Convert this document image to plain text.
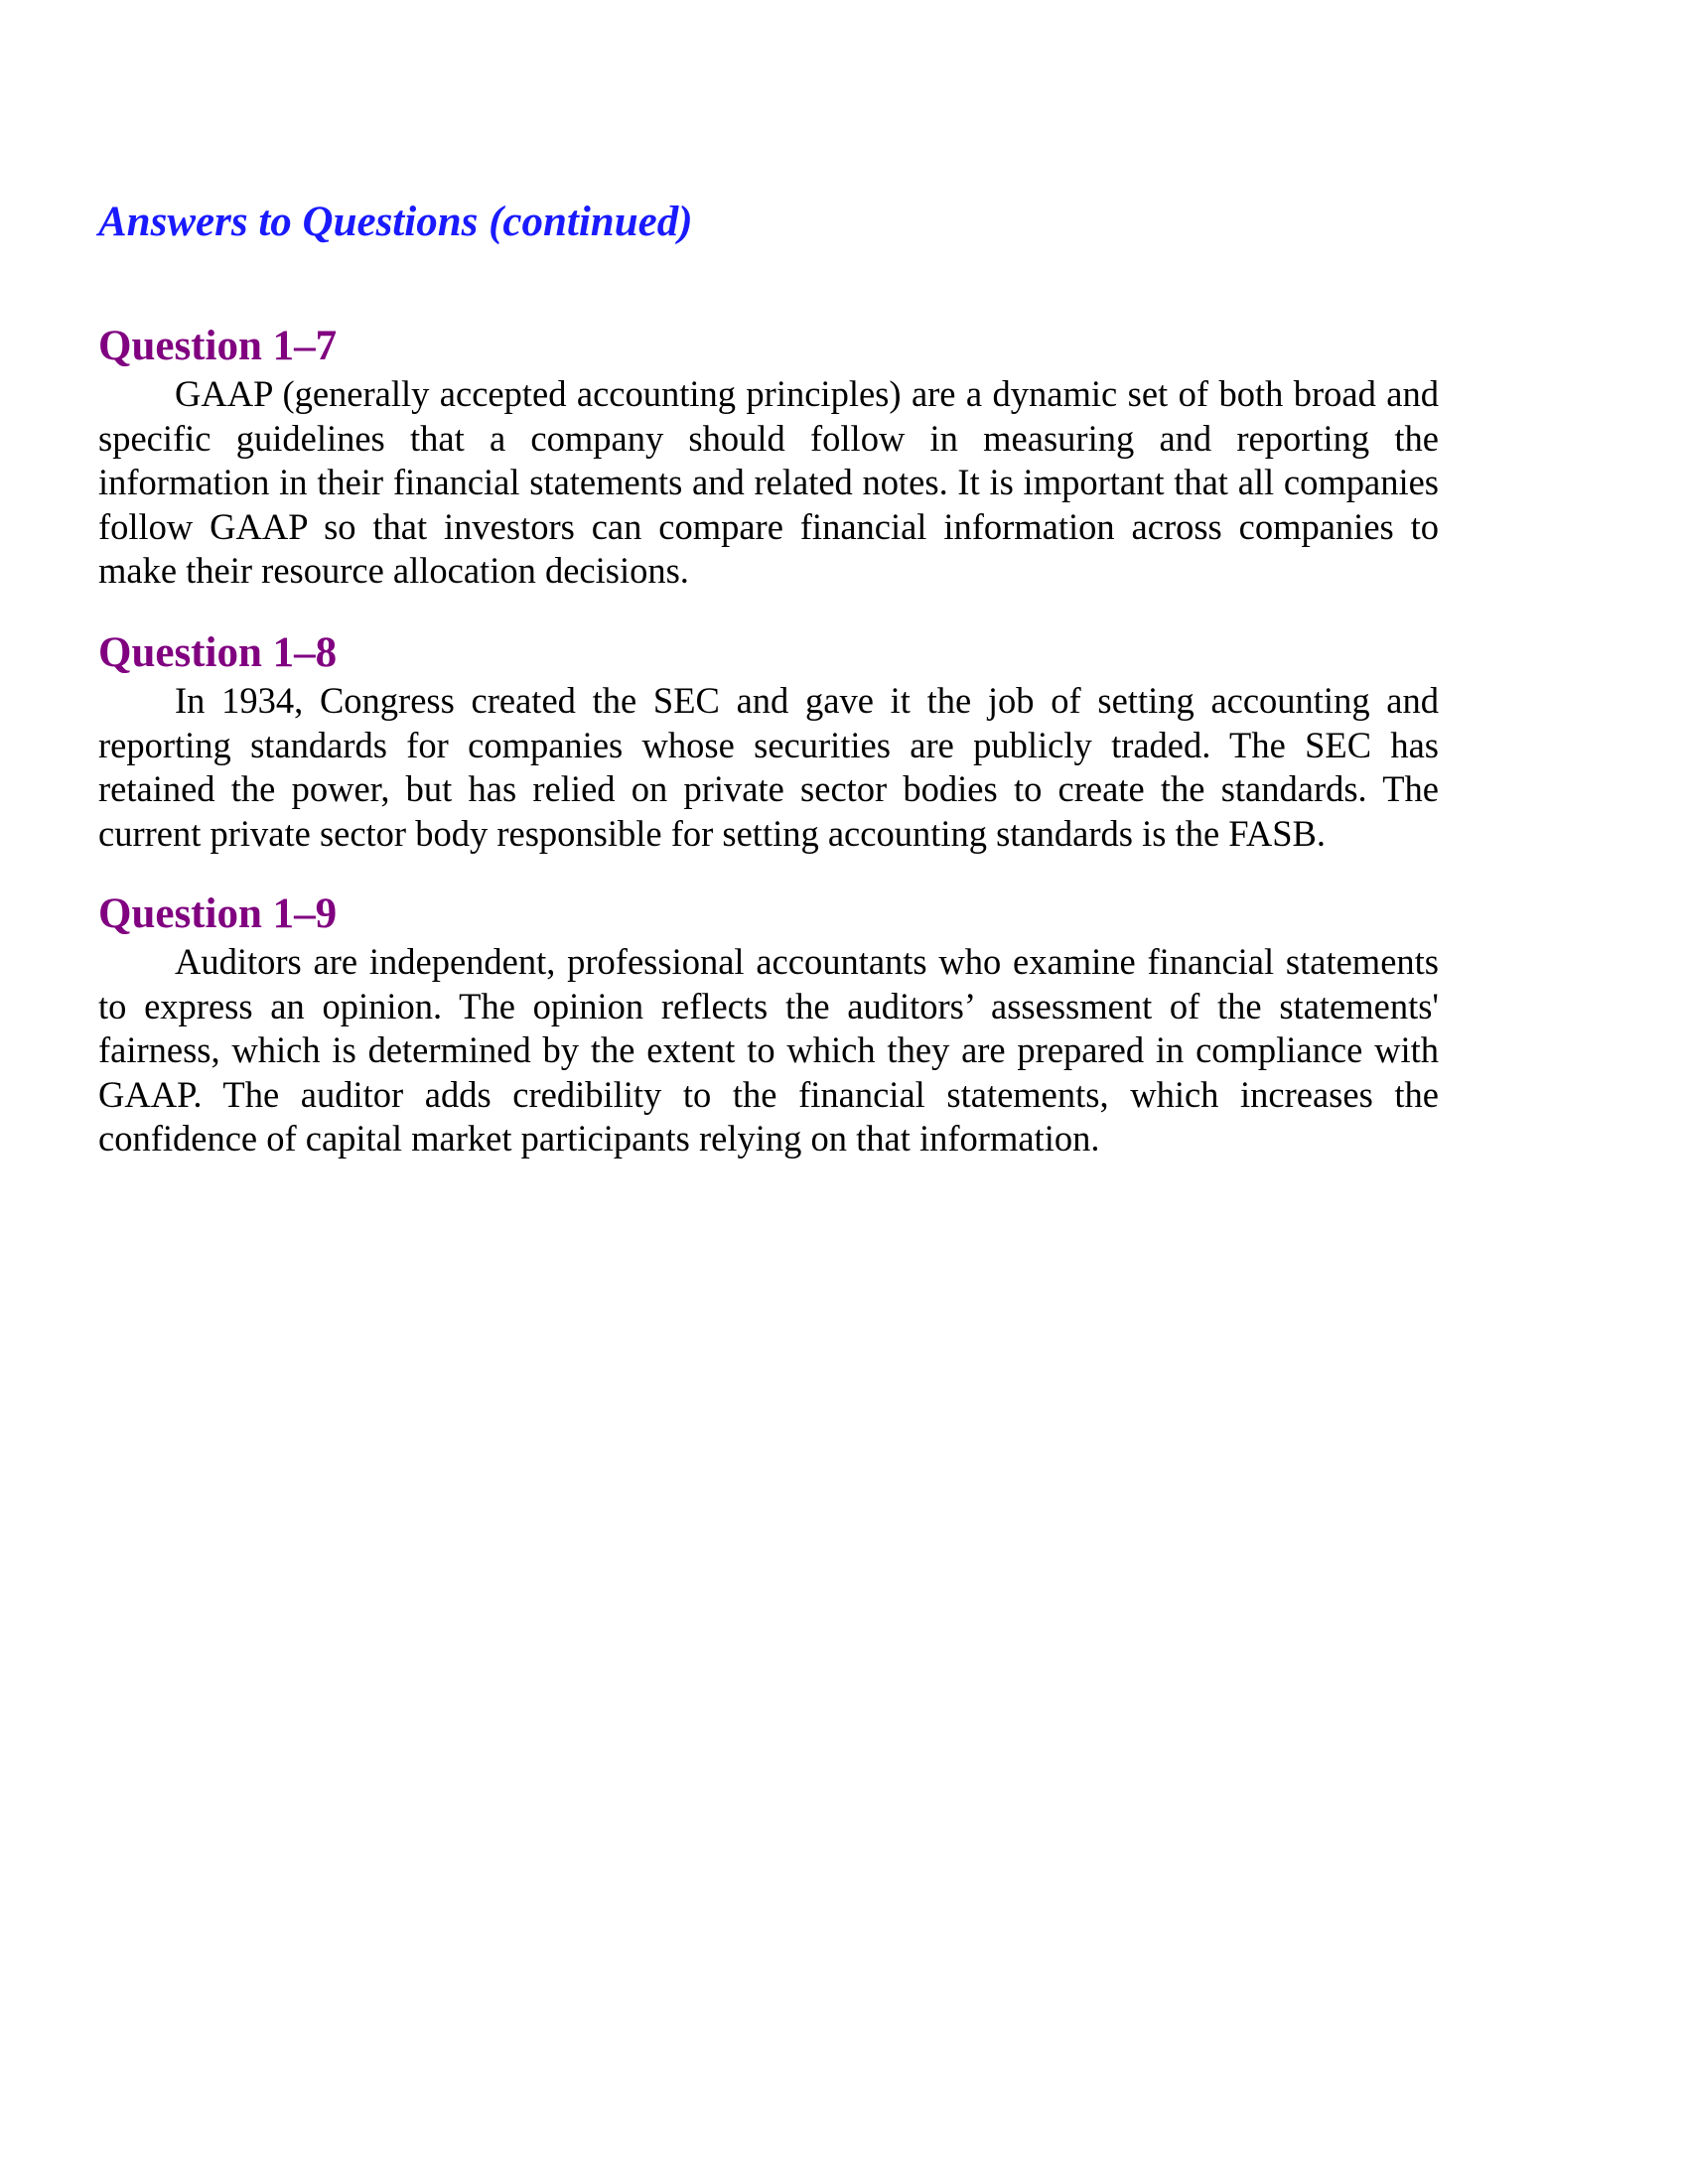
Answers to Questions (continued)
Question 1–7

GAAP (generally accepted accounting principles) are a dynamic set of both broad and specific guidelines that a company should follow in measuring and reporting the information in their financial statements and related notes. It is important that all companies follow GAAP so that investors can compare financial information across companies to make their resource allocation decisions.

Question 1–8

In 1934, Congress created the SEC and gave it the job of setting accounting and reporting standards for companies whose securities are publicly traded. The SEC has retained the power, but has relied on private sector bodies to create the standards. The current private sector body responsible for setting accounting standards is the FASB.

Question 1–9

Auditors are independent, professional accountants who examine financial statements to express an opinion. The opinion reflects the auditors’ assessment of the statements' fairness, which is determined by the extent to which they are prepared in compliance with GAAP. The auditor adds credibility to the financial statements, which increases the confidence of capital market participants relying on that information.
